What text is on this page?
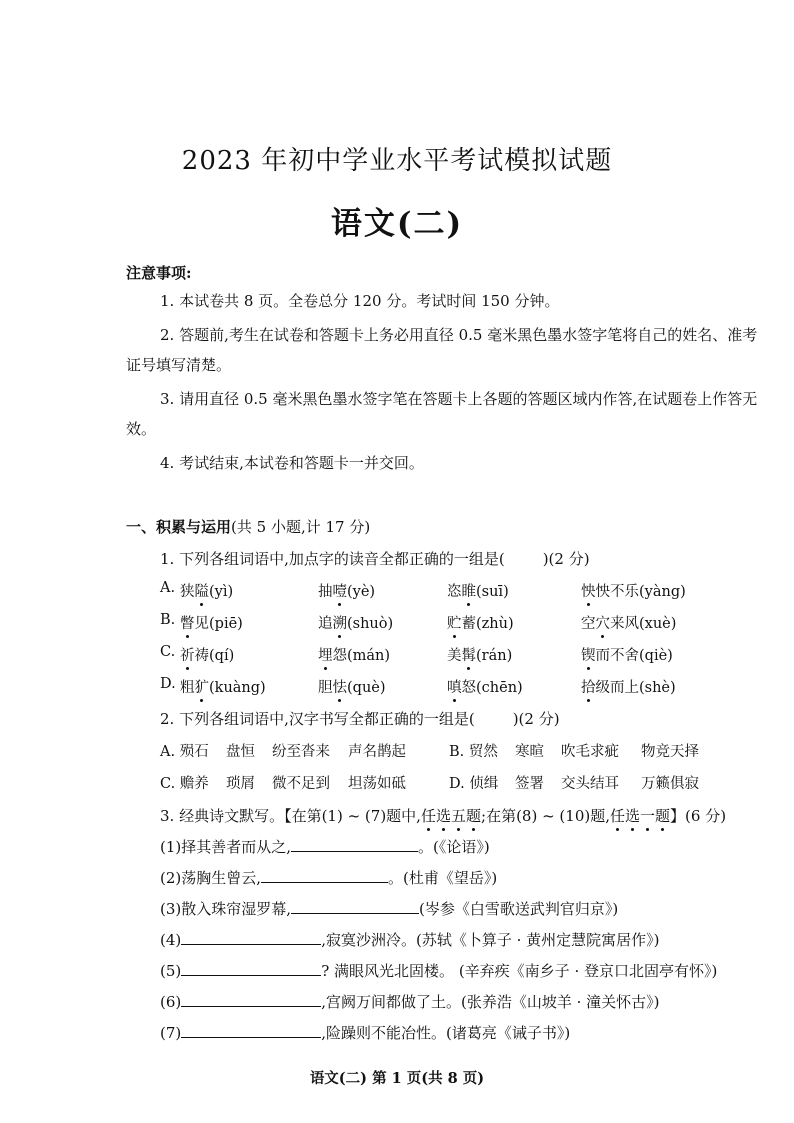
2023 年初中学业水平考试模拟试题
语文(二)
注意事项:
1. 本试卷共 8 页。全卷总分 120 分。考试时间 150 分钟。
2. 答题前,考生在试卷和答题卡上务必用直径 0.5 毫米黑色墨水签字笔将自己的姓名、准考证号填写清楚。
3. 请用直径 0.5 毫米黑色墨水签字笔在答题卡上各题的答题区域内作答,在试题卷上作答无效。
4. 考试结束,本试卷和答题卡一并交回。
一、积累与运用(共 5 小题,计 17 分)
1. 下列各组词语中,加点字的读音全都正确的一组是(	)(2 分)
A. 狭隘(yì)	抽噎(yè)	恣睢(suī)	怏怏不乐(yàng)
B. 瞥见(piē)	追溯(shuò)	贮蓄(zhù)	空穴来风(xuè)
C. 祈祷(qí)	埋怨(mán)	美髯(rán)	锲而不舍(qiè)
D. 粗犷(kuàng)	胆怯(què)	嗔怒(chēn)	拾级而上(shè)
2. 下列各组词语中,汉字书写全都正确的一组是(	)(2 分)
A. 殒石 盘恒 纷至沓来 声名鹊起	B. 贸然 寒暄 吹毛求疵 物竞天择
C. 赡养 琐屑 微不足到 坦荡如砥	D. 侦缉 签署 交头结耳 万籁俱寂
3. 经典诗文默写。【在第(1) ~ (7)题中,任选五题;在第(8) ~ (10)题,任选一题】(6 分)
(1)择其善者而从之,	。(《论语》)
(2)荡胸生曾云,	。(杜甫《望岳》)
(3)散入珠帘湿罗幕,	(岑参《白雪歌送武判官归京》)
(4)	,寂寞沙洲冷。(苏轼《卜算子 · 黄州定慧院寓居作》)
(5)	? 满眼风光北固楼。 (辛弃疾《南乡子 · 登京口北固亭有怀》)
(6)	,宫阙万间都做了土。(张养浩《山坡羊 · 潼关怀古》)
(7)	,险躁则不能冶性。(诸葛亮《诫子书》)
语文(二) 第 1 页(共 8 页)
